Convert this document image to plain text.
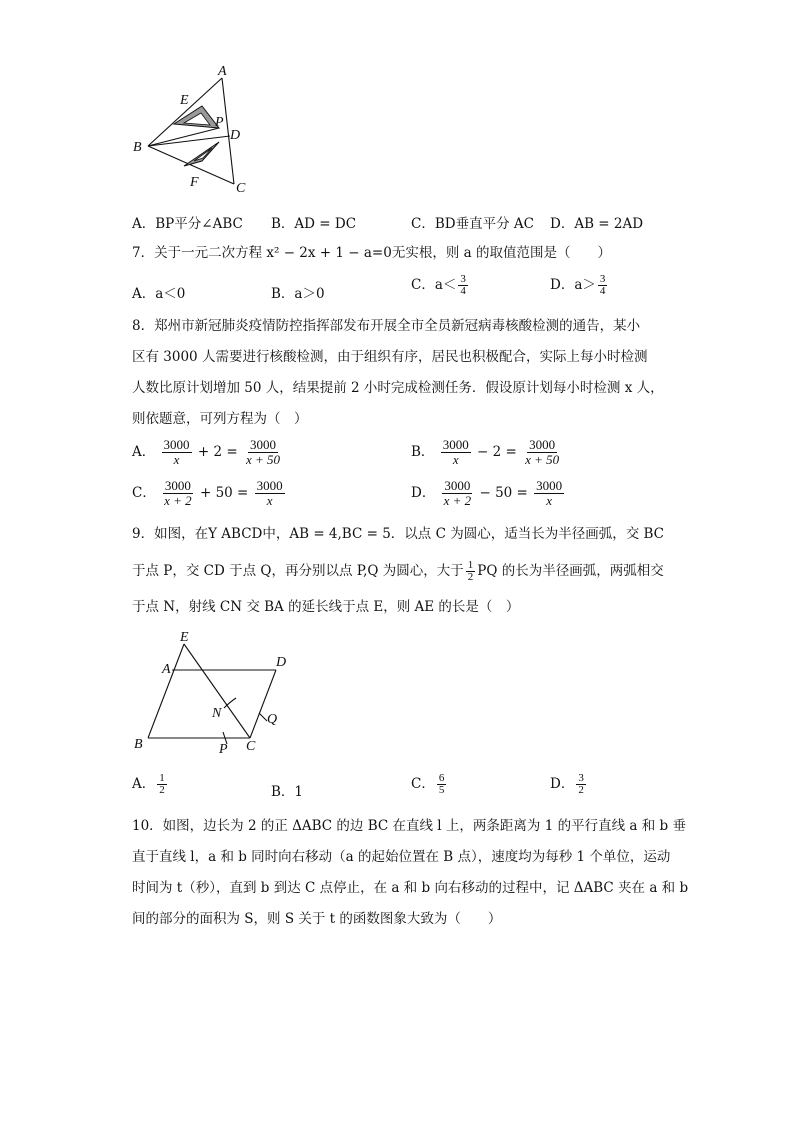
A
E
P
D
B
F	C
A．BP平分∠ABC B．AD = DC	C．BD垂直平分 AC D．AB = 2AD
7．关于一元二次方程 x² − 2x + 1 − a=0无实根，则 a 的取值范围是（　　）
A．a＜0	B．a＞0
C．$a< \frac{3}{4}$	D．$a> \frac{3}{4}$
8．郑州市新冠肺炎疫情防控指挥部发布开展全市全员新冠病毒核酸检测的通告，某小
区有 3000 人需要进行核酸检测，由于组织有序，居民也积极配合，实际上每小时检测
人数比原计划增加 50 人，结果提前 2 小时完成检测任务．假设原计划每小时检测 x 人，
则依题意，可列方程为（　）
A． $\frac{3000}{x} + 2 = \frac{3000}{x + 50}$	B． $\frac{3000}{x} - 2 = \frac{3000}{x + 50}$
C． $\frac{3000}{x + 2} + 50 = \frac{3000}{x}$	D． $\frac{3000}{x + 2} - 50 = \frac{3000}{x}$
9．如图，在Y ABCD中，AB = 4,BC = 5．以点 C 为圆心，适当长为半径画弧，交 BC
于点 P，交 CD 于点 Q，再分别以点 P,Q 为圆心，大于 $\frac{1}{2}$ PQ 的长为半径画弧，两弧相交
于点 N，射线 CN 交 BA 的延长线于点 E，则 AE 的长是（　）
E
A	D
N	Q
B	P C
A． $\frac{1}{2}$	B．1	C． $\frac{6}{5}$	D． $\frac{3}{2}$
10．如图，边长为 2 的正 ΔABC 的边 BC 在直线 l 上，两条距离为 1 的平行直线 a 和 b 垂
直于直线 l，a 和 b 同时向右移动（a 的起始位置在 B 点），速度均为每秒 1 个单位，运动
时间为 t（秒），直到 b 到达 C 点停止，在 a 和 b 向右移动的过程中，记 ΔABC 夹在 a 和 b
间的部分的面积为 S，则 S 关于 t 的函数图象大致为（　　）
